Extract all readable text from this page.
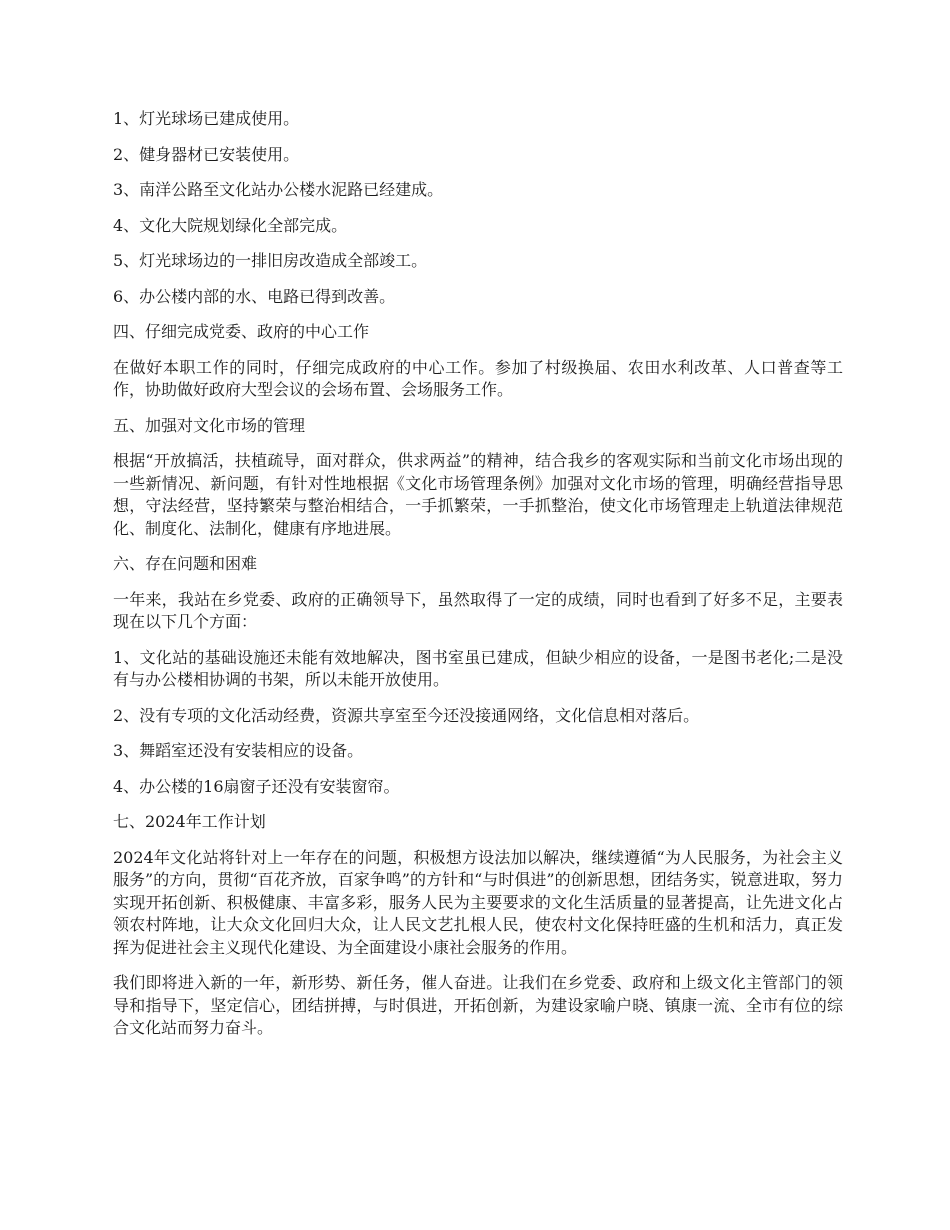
1、灯光球场已建成使用。

2、健身器材已安装使用。

3、南洋公路至文化站办公楼水泥路已经建成。

4、文化大院规划绿化全部完成。

5、灯光球场边的一排旧房改造成全部竣工。

6、办公楼内部的水、电路已得到改善。

四、仔细完成党委、政府的中心工作

在做好本职工作的同时，仔细完成政府的中心工作。参加了村级换届、农田水利改革、人口普查等工作，协助做好政府大型会议的会场布置、会场服务工作。

五、加强对文化市场的管理

根据“开放搞活，扶植疏导，面对群众，供求两益”的精神，结合我乡的客观实际和当前文化市场出现的一些新情况、新问题，有针对性地根据《文化市场管理条例》加强对文化市场的管理，明确经营指导思想，守法经营，坚持繁荣与整治相结合，一手抓繁荣，一手抓整治，使文化市场管理走上轨道法律规范化、制度化、法制化，健康有序地进展。

六、存在问题和困难

一年来，我站在乡党委、政府的正确领导下，虽然取得了一定的成绩，同时也看到了好多不足，主要表现在以下几个方面：

1、文化站的基础设施还未能有效地解决，图书室虽已建成，但缺少相应的设备，一是图书老化;二是没有与办公楼相协调的书架，所以未能开放使用。

2、没有专项的文化活动经费，资源共享室至今还没接通网络，文化信息相对落后。

3、舞蹈室还没有安装相应的设备。

4、办公楼的16扇窗子还没有安装窗帘。

七、2024年工作计划

2024年文化站将针对上一年存在的问题，积极想方设法加以解决，继续遵循“为人民服务，为社会主义服务”的方向，贯彻“百花齐放，百家争鸣”的方针和“与时俱进”的创新思想，团结务实，锐意进取，努力实现开拓创新、积极健康、丰富多彩，服务人民为主要要求的文化生活质量的显著提高，让先进文化占领农村阵地，让大众文化回归大众，让人民文艺扎根人民，使农村文化保持旺盛的生机和活力，真正发挥为促进社会主义现代化建设、为全面建设小康社会服务的作用。

我们即将进入新的一年，新形势、新任务，催人奋进。让我们在乡党委、政府和上级文化主管部门的领导和指导下，坚定信心，团结拼搏，与时俱进，开拓创新，为建设家喻户晓、镇康一流、全市有位的综合文化站而努力奋斗。
